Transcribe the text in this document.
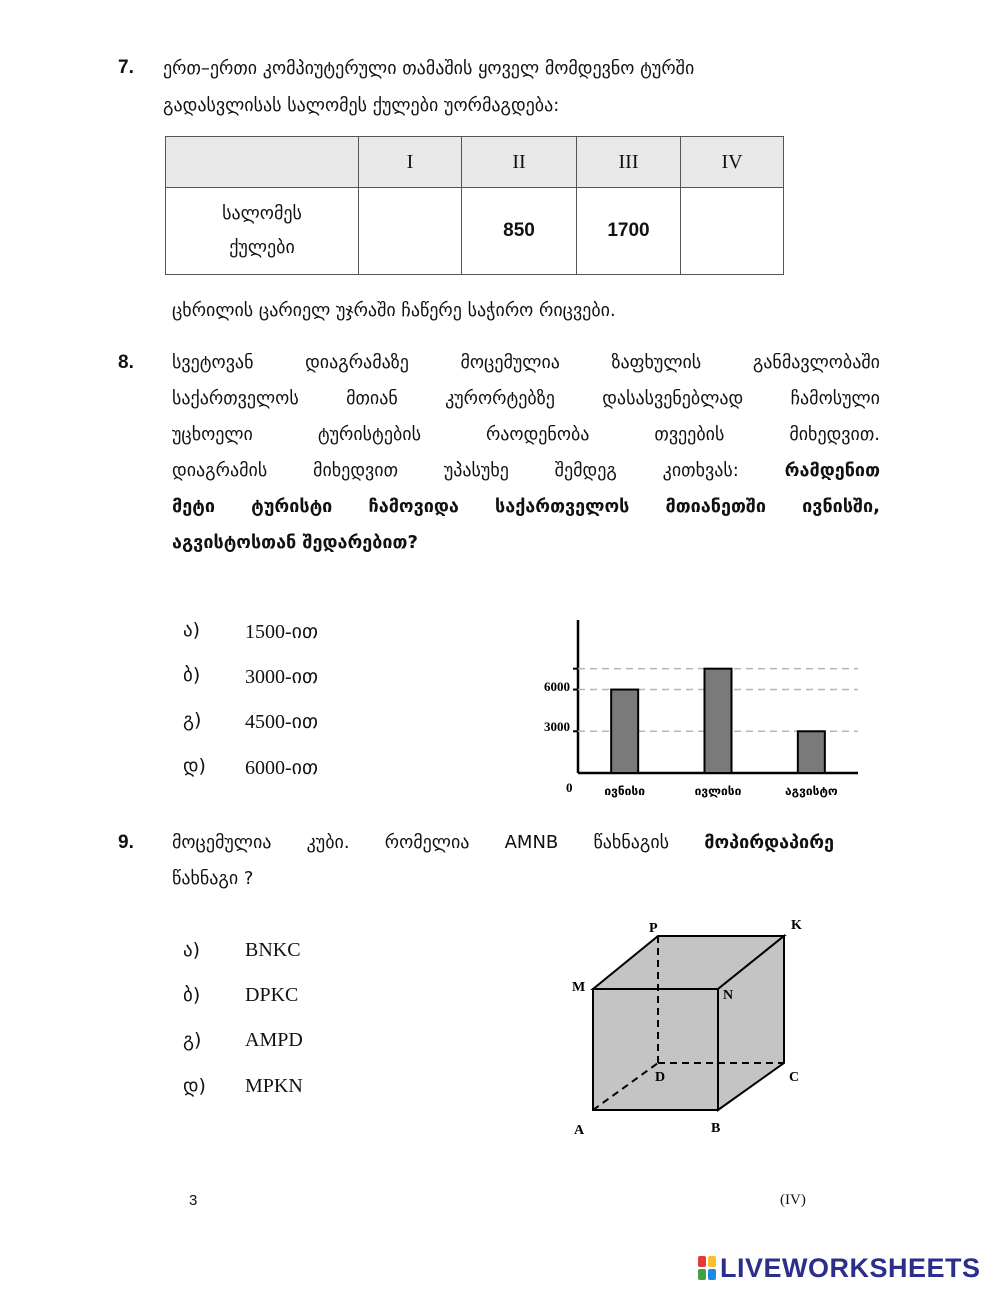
7. ერთ–ერთი კომპიუტერული თამაშის ყოველ მომდევნო ტურში
გადასვლისას სალომეს ქულები უორმაგდება:
	I	II	III	IV

სალომეს
ქულები		850	1700	
ცხრილის ცარიელ უჯრაში ჩაწერე საჭირო რიცვები.
8. სვეტოვან დიაგრამაზე მოცემულია ზაფხულის განმავლობაში
საქართველოს მთიან კურორტებზე დასასვენებლად ჩამოსული
უცხოელი ტურისტების რაოდენობა თვეების მიხედვით.
დიაგრამის მიხედვით უპასუხე შემდეგ კითხვას:	რამდენით
მეტი ტურისტი ჩამოვიდა საქართველოს მთიანეთში ივნისში,
აგვისტოსთან შედარებით?
ა) 1500-ით
ბ) 3000-ით
გ) 4500-ით
დ) 6000-ით
0
3000
6000
ივნისი	ივლისი	აგვისტო
9. მოცემულია კუბი. რომელია AMNB წახნაგის მოპირდაპირე
წახნაგი ?
ა) BNKC
ბ) DPKC
გ) AMPD
დ) MPKN
P	K
M
N
D	C
A	B
3	(IV)
LIVEWORKSHEETS
